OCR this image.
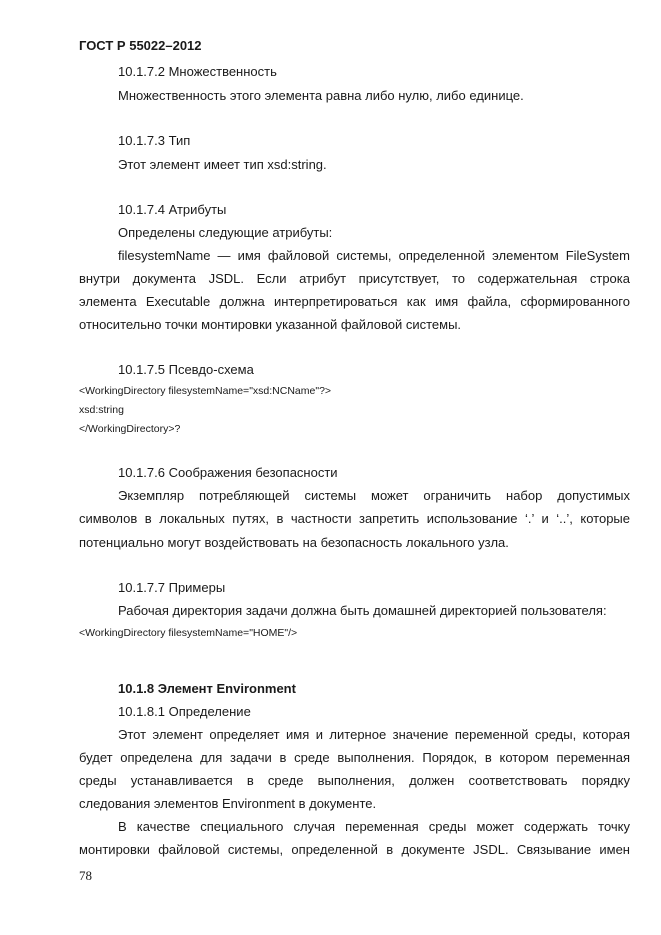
ГОСТ Р 55022–2012
10.1.7.2 Множественность
Множественность этого элемента равна либо нулю, либо единице.
10.1.7.3 Тип
Этот элемент имеет тип xsd:string.
10.1.7.4 Атрибуты
Определены следующие атрибуты:
filesystemName — имя файловой системы, определенной элементом FileSystem
внутри документа JSDL. Если атрибут присутствует, то содержательная строка
элемента Executable должна интерпретироваться как имя файла, сформированного
относительно точки монтировки указанной файловой системы.
10.1.7.5 Псевдо-схема
<WorkingDirectory filesystemName="xsd:NCName"?>
xsd:string
</WorkingDirectory>?
10.1.7.6 Соображения безопасности
Экземпляр потребляющей системы может ограничить набор допустимых
символов в локальных путях, в частности запретить использование ‘.’ и ‘..’, которые
потенциально могут воздействовать на безопасность локального узла.
10.1.7.7 Примеры
Рабочая директория задачи должна быть домашней директорией пользователя:
<WorkingDirectory filesystemName="HOME"/>
10.1.8 Элемент Environment
10.1.8.1 Определение
Этот элемент определяет имя и литерное значение переменной среды, которая
будет определена для задачи в среде выполнения. Порядок, в котором переменная
среды устанавливается в среде выполнения, должен соответствовать порядку
следования элементов Environment в документе.
В качестве специального случая переменная среды может содержать точку
монтировки файловой системы, определенной в документе JSDL. Связывание имен
78
